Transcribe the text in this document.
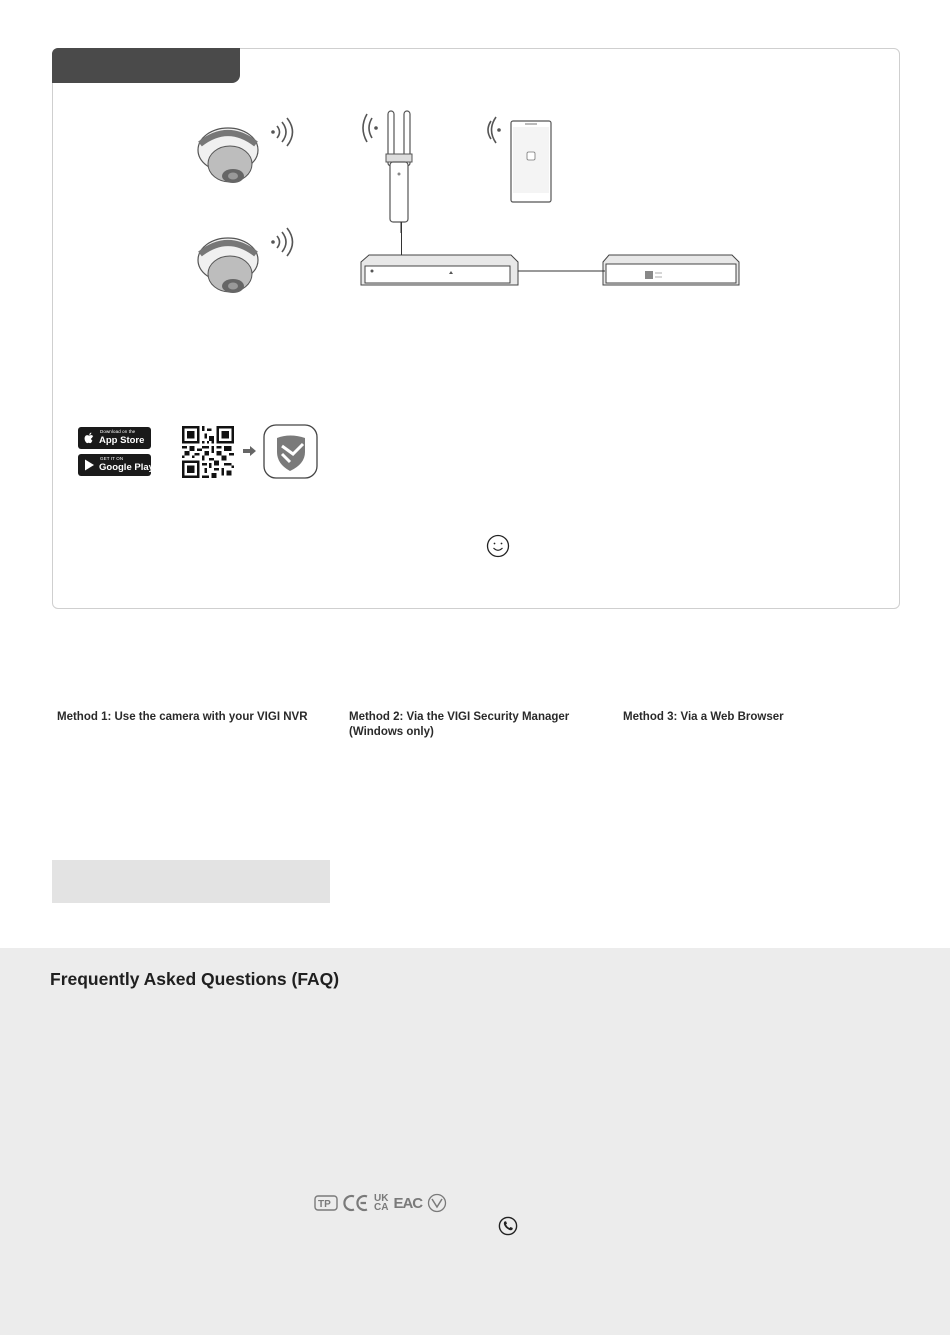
Download on the
App Store
GET IT ON
Google Play
Method 1: Use the camera with your VIGI NVR	Method 2: Via the VIGI Security Manager
(Windows only)
Method 3: Via a Web Browser
Frequently Asked Questions (FAQ)
TP
UK
CA EAC
